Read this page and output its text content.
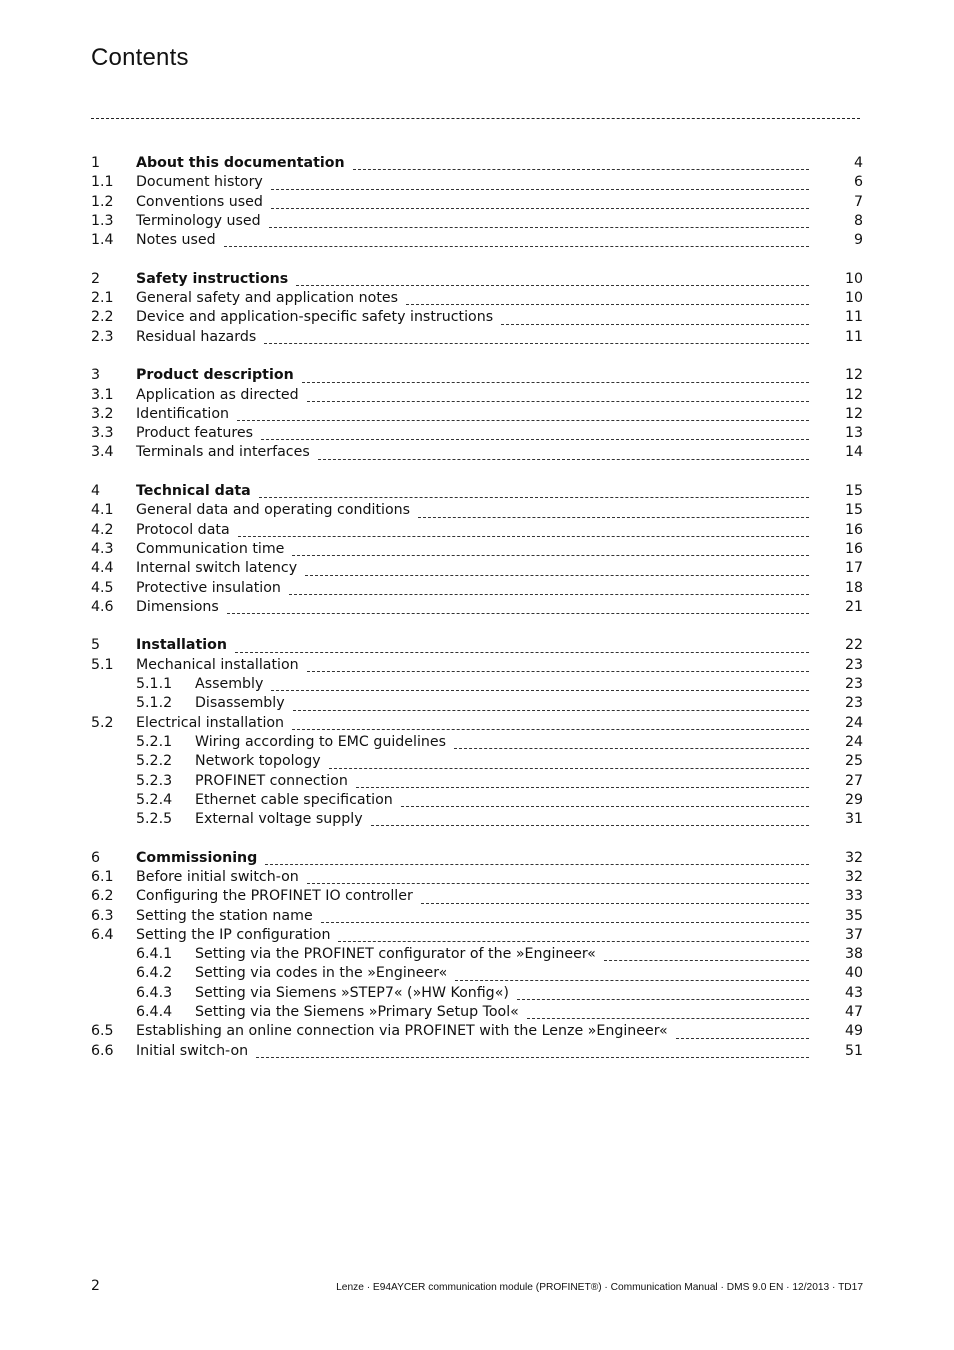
Contents
1	About this documentation	4
1.1 Document history	6
1.2 Conventions used	7
1.3 Terminology used	8
1.4 Notes used	9
2	Safety instructions	10
2.1 General safety and application notes	10
2.2 Device and application-specific safety instructions	11
2.3 Residual hazards	11
3	Product description	12
3.1 Application as directed	12
3.2 Identification	12
3.3 Product features	13
3.4 Terminals and interfaces	14
4	Technical data	15
4.1 General data and operating conditions	15
4.2 Protocol data	16
4.3 Communication time	16
4.4 Internal switch latency	17
4.5 Protective insulation	18
4.6 Dimensions	21
5	Installation	22
5.1 Mechanical installation	23
5.1.1 Assembly	23
5.1.2 Disassembly	23
5.2 Electrical installation	24
5.2.1 Wiring according to EMC guidelines	24
5.2.2 Network topology	25
5.2.3 PROFINET connection	27
5.2.4 Ethernet cable specification	29
5.2.5 External voltage supply	31
6	Commissioning	32
6.1 Before initial switch-on	32
6.2 Configuring the PROFINET IO controller	33
6.3 Setting the station name	35
6.4 Setting the IP configuration	37
6.4.1 Setting via the PROFINET configurator of the »Engineer«	38
6.4.2 Setting via codes in the »Engineer«	40
6.4.3 Setting via Siemens »STEP7« (»HW Konfig«)	43
6.4.4 Setting via the Siemens »Primary Setup Tool«	47
6.5 Establishing an online connection via PROFINET with the Lenze »Engineer«	49
6.6 Initial switch-on	51
2	Lenze · E94AYCER communication module (PROFINET®) · Communication Manual · DMS 9.0 EN · 12/2013 · TD17
